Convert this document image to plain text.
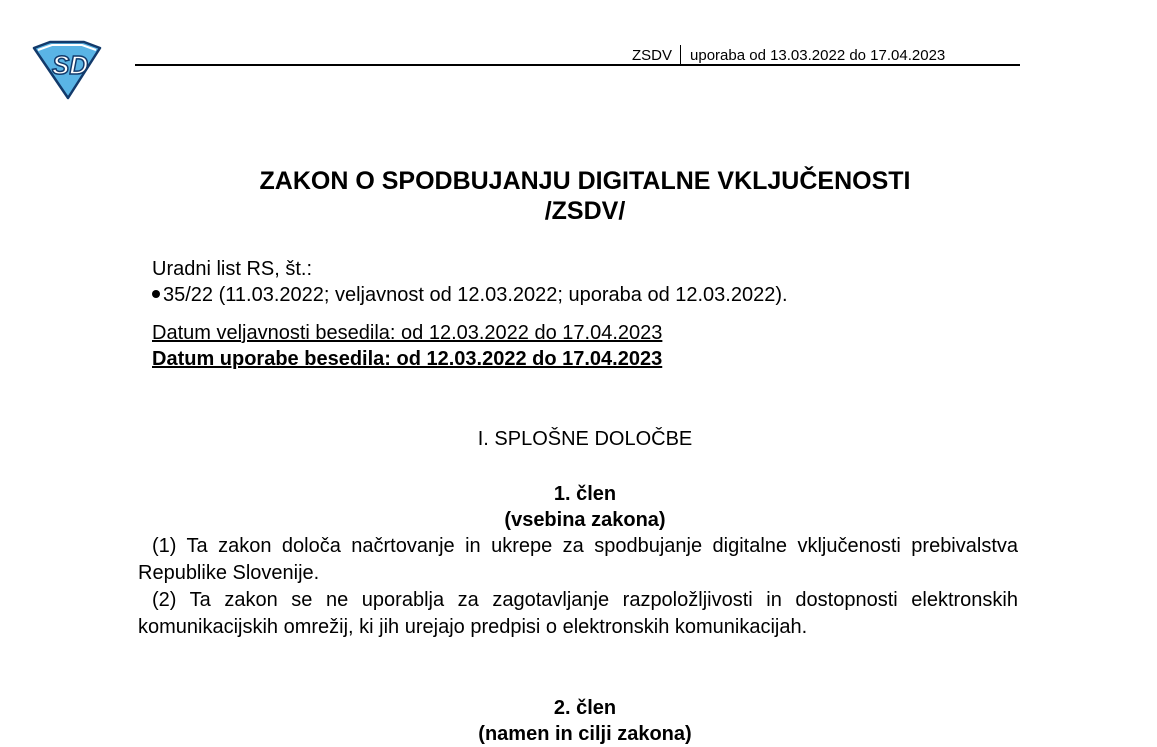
SD	ZSDV uporaba od 13.03.2022 do 17.04.2023
ZAKON O SPODBUJANJU DIGITALNE VKLJUČENOSTI
/ZSDV/
Uradni list RS, št.:
35/22 (11.03.2022; veljavnost od 12.03.2022; uporaba od 12.03.2022).
Datum veljavnosti besedila: od 12.03.2022 do 17.04.2023
Datum uporabe besedila: od 12.03.2022 do 17.04.2023
I. SPLOŠNE DOLOČBE
1. člen
(vsebina zakona)

(1) Ta zakon določa načrtovanje in ukrepe za spodbujanje digitalne vključenosti prebivalstva Republike Slovenije.

(2) Ta zakon se ne uporablja za zagotavljanje razpoložljivosti in dostopnosti elektronskih komunikacijskih omrežij, ki jih urejajo predpisi o elektronskih komunikacijah.

2. člen
(namen in cilji zakona)
